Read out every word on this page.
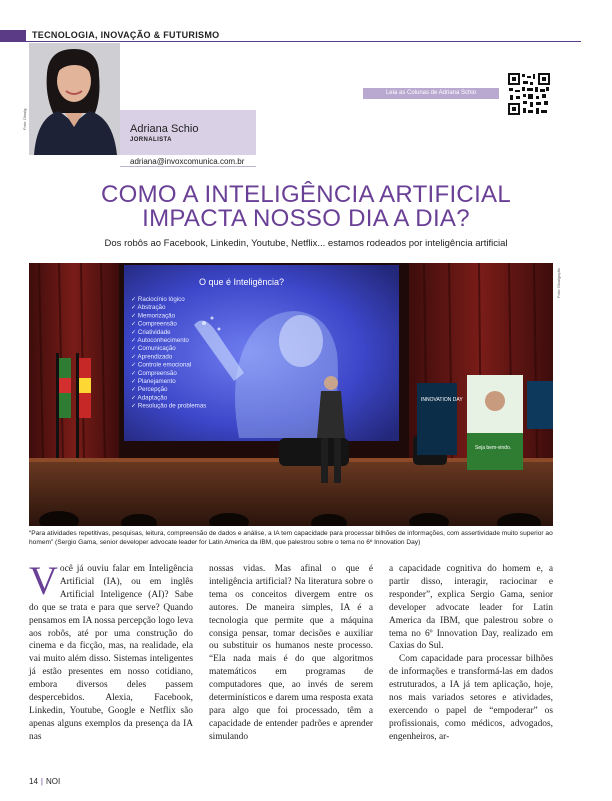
TECNOLOGIA, INOVAÇÃO & FUTURISMO
Foto: Divulg.	Adriana Schio
JORNALISTA
adriana@invoxcomunica.com.br
Leia as Colunas de Adriana Schio
COMO A INTELIGÊNCIA ARTIFICIAL
IMPACTA NOSSO DIA A DIA?
Dos robôs ao Facebook, Linkedin, Youtube, Netflix... estamos rodeados por inteligência artificial
O que é Inteligência?
✓ Raciocínio lógico
✓ Abstração
✓ Memorização
✓ Compreensão
✓ Criatividade
✓ Autoconhecimento
✓ Comunicação
✓ Aprendizado
✓ Controle emocional
✓ Compreensão
✓ Planejamento
✓ Percepção
✓ Adaptação
✓ Resolução de problemas
INNOVATION DAY
Seja bem-vindo.
Foto: Divulgação
“Para atividades repetitivas, pesquisas, leitura, compreensão de dados e análise, a IA tem capacidade para processar bilhões de informações, com assertividade muito superior ao homem” (Sergio Gama, senior developer advocate leader for Latin America da IBM, que palestrou sobre o tema no 6º Innovation Day)
V ocê já ouviu falar em Inteligência Artificial (IA), ou em inglês Artificial Inteligence (AI)? Sabe do que se trata e para que serve? Quando pensamos em IA nossa percepção logo leva aos robôs, até por uma construção do cinema e da ficção, mas, na realidade, ela vai muito além disso. Sistemas inteligentes já estão presentes em nosso cotidiano, embora diversos deles passem despercebidos. Alexia, Facebook, Linkedin, Youtube, Google e Netflix são apenas alguns exemplos da presença da IA nas

nossas vidas. Mas afinal o que é inteligência artificial? Na literatura sobre o tema os conceitos divergem entre os autores. De maneira simples, IA é a tecnologia que permite que a máquina consiga pensar, tomar decisões e auxiliar ou substituir os humanos neste processo. “Ela nada mais é do que algoritmos matemáticos em programas de computadores que, ao invés de serem determinísticos e darem uma resposta exata para algo que foi processado, têm a capacidade de entender padrões e aprender simulando

a capacidade cognitiva do homem e, a partir disso, interagir, raciocinar e responder”, explica Sergio Gama, senior developer advocate leader for Latin America da IBM, que palestrou sobre o tema no 6º Innovation Day, realizado em Caxias do Sul.

Com capacidade para processar bilhões de informações e transformá-las em dados estruturados, a IA já tem aplicação, hoje, nos mais variados setores e atividades, exercendo o papel de “empoderar” os profissionais, como médicos, advogados, engenheiros, ar-

14 | NOI
